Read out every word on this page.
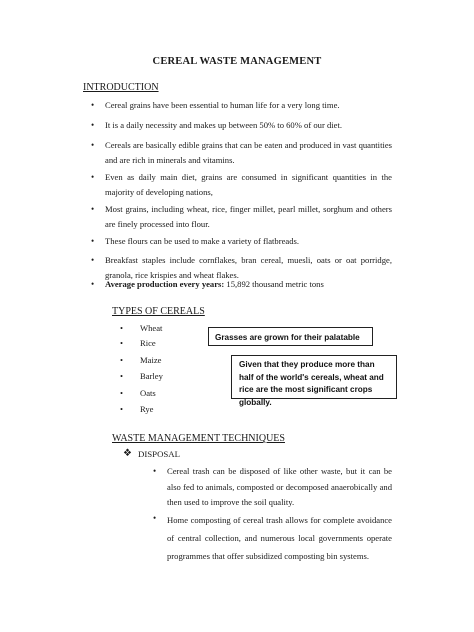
CEREAL WASTE MANAGEMENT
INTRODUCTION
• Cereal grains have been essential to human life for a very long time.
• It is a daily necessity and makes up between 50% to 60% of our diet.
• Cereals are basically edible grains that can be eaten and produced in vast quantities and are rich in minerals and vitamins.
• Even as daily main diet, grains are consumed in significant quantities in the majority of developing nations,
• Most grains, including wheat, rice, finger millet, pearl millet, sorghum and others are finely processed into flour.
• These flours can be used to make a variety of flatbreads.
• Breakfast staples include cornflakes, bran cereal, muesli, oats or oat porridge, granola, rice krispies and wheat flakes.
• Average production every years: 15,892 thousand metric tons
TYPES OF CEREALS
• Wheat
• Rice
• Maize
• Barley
• Oats
• Rye
Grasses are grown for their palatable
Given that they produce more than half of the world's cereals, wheat and rice are the most significant crops globally.
WASTE MANAGEMENT TECHNIQUES
❖ DISPOSAL
• Cereal trash can be disposed of like other waste, but it can be also fed to animals, composted or decomposed anaerobically and then used to improve the soil quality.
• Home composting of cereal trash allows for complete avoidance of central collection, and numerous local governments operate programmes that offer subsidized composting bin systems.
